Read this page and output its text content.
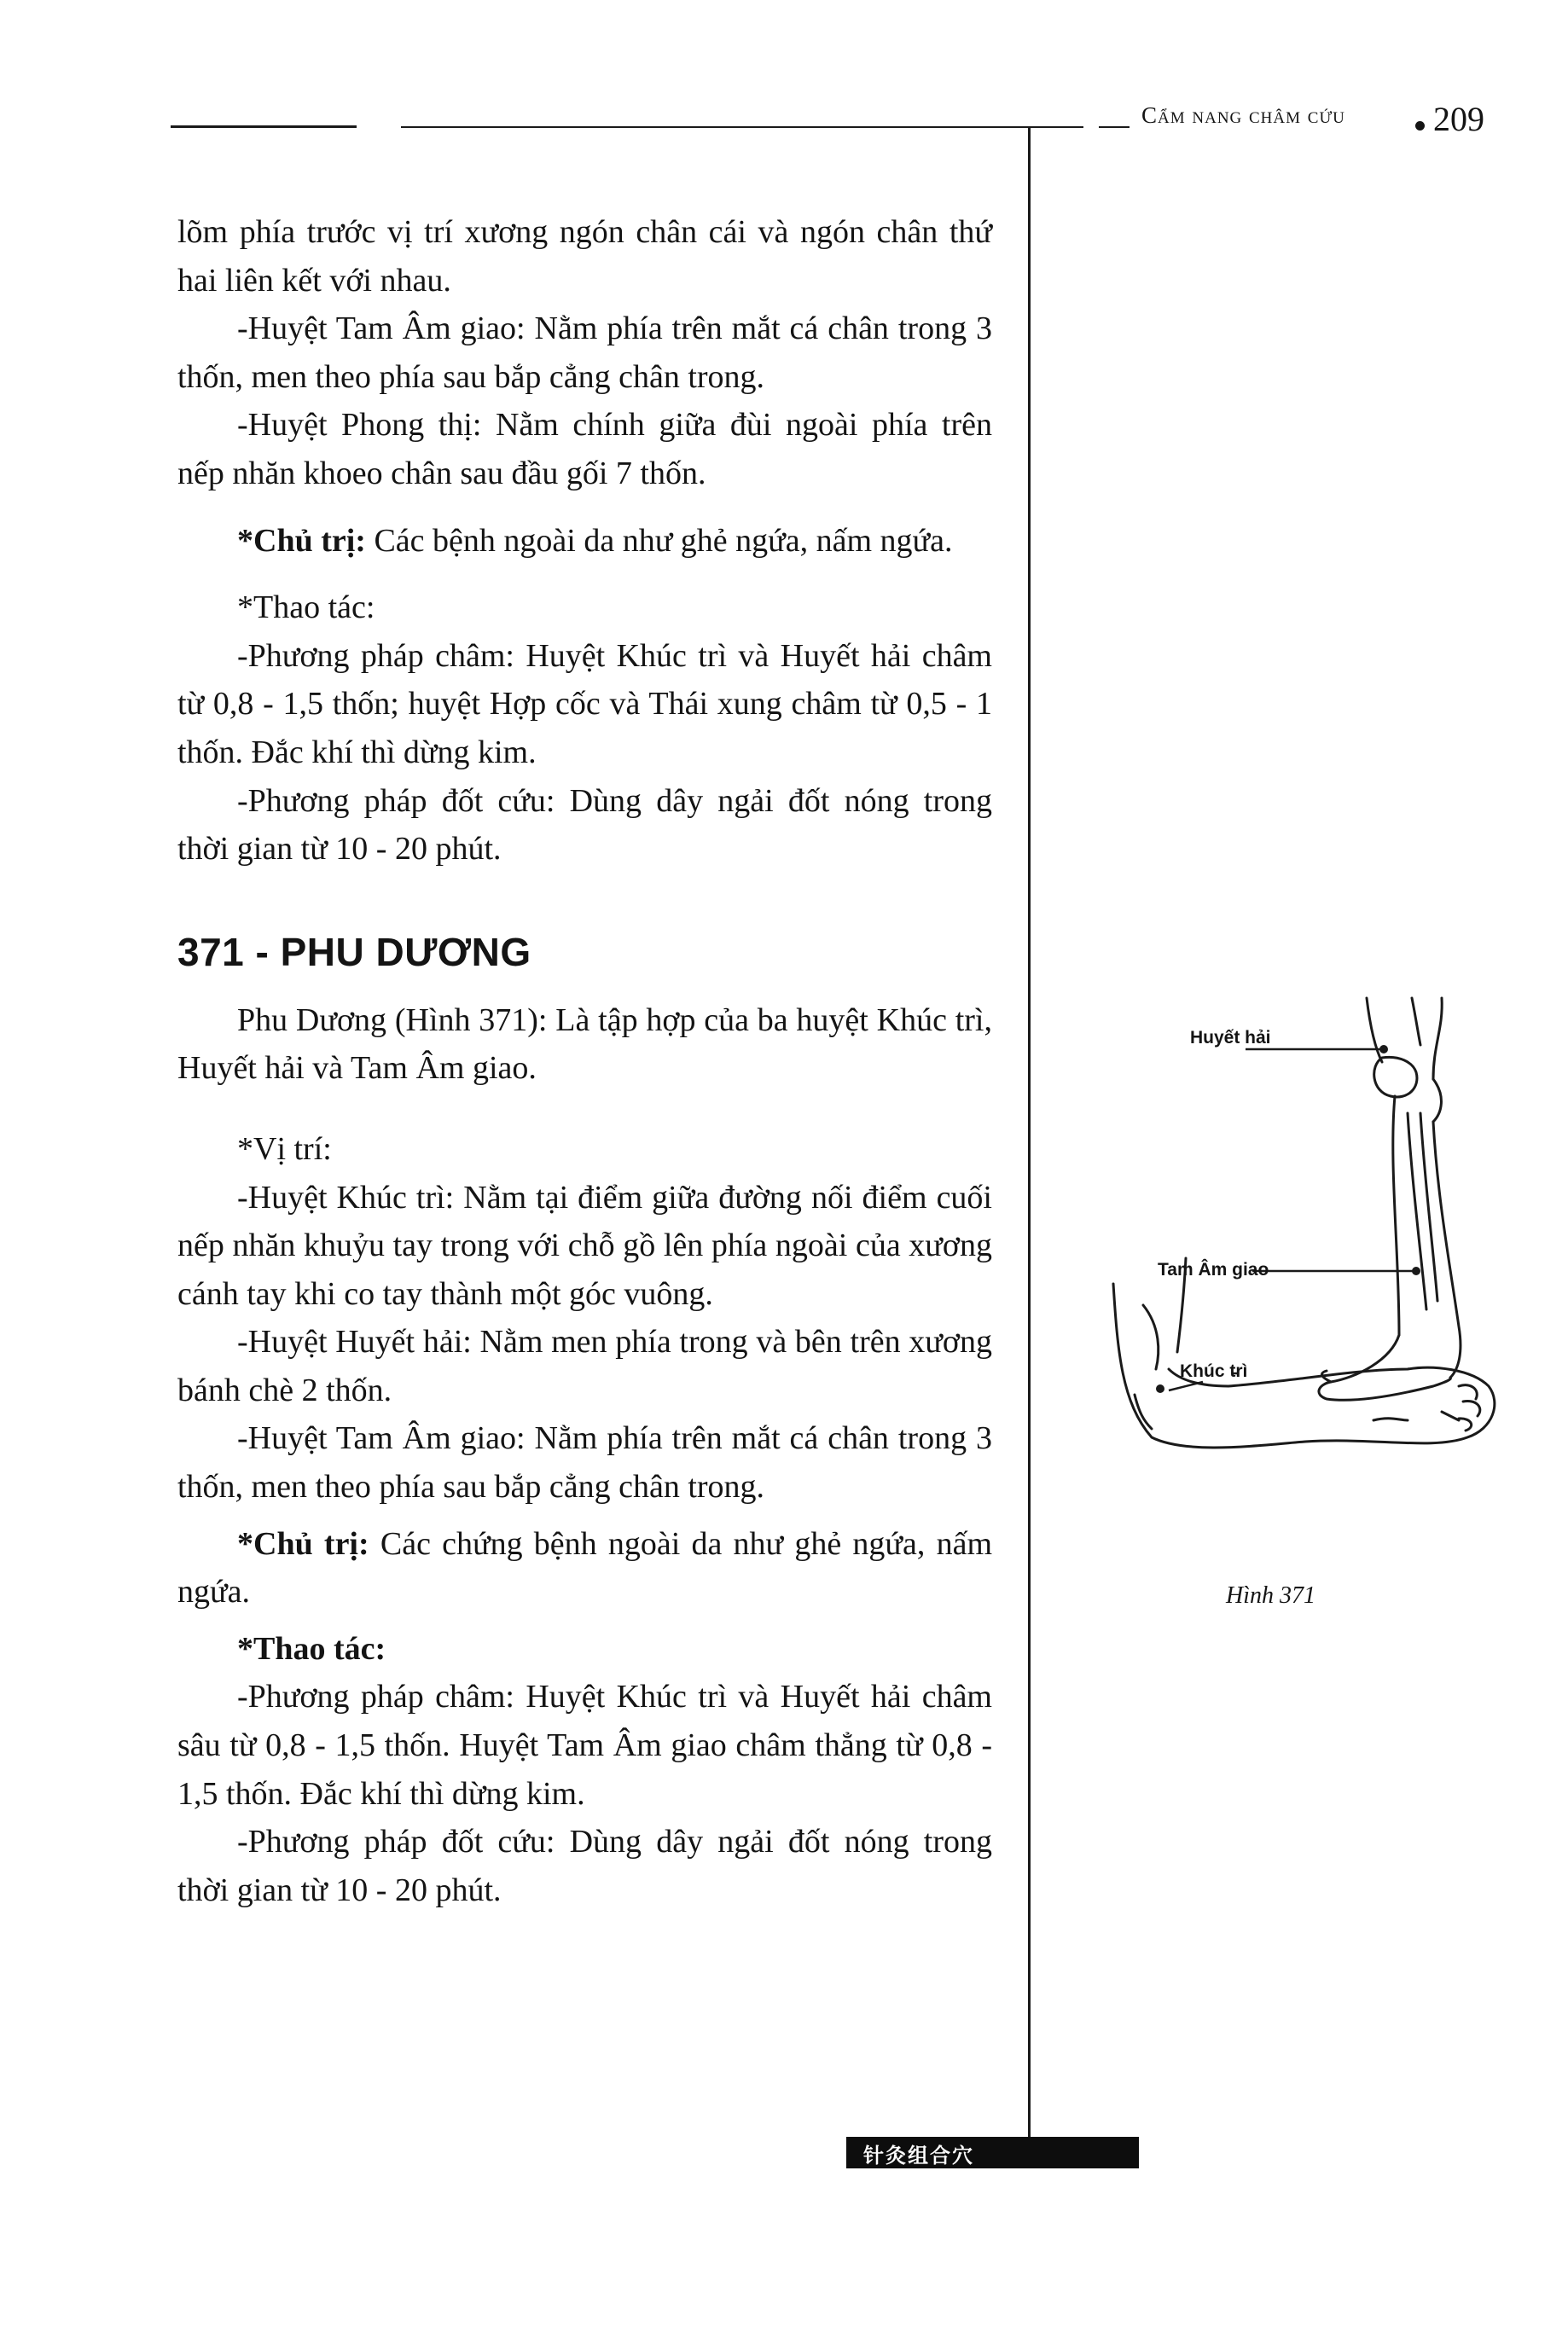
Cẩm nang châm cứu	209

lõm phía trước vị trí xương ngón chân cái và ngón chân thứ hai liên kết với nhau.

-Huyệt Tam Âm giao: Nằm phía trên mắt cá chân trong 3 thốn, men theo phía sau bắp cẳng chân trong.

-Huyệt Phong thị: Nằm chính giữa đùi ngoài phía trên nếp nhăn khoeo chân sau đầu gối 7 thốn.

*Chủ trị: Các bệnh ngoài da như ghẻ ngứa, nấm ngứa.

*Thao tác:

-Phương pháp châm: Huyệt Khúc trì và Huyết hải châm từ 0,8 - 1,5 thốn; huyệt Hợp cốc và Thái xung châm từ 0,5 - 1 thốn. Đắc khí thì dừng kim.

-Phương pháp đốt cứu: Dùng dây ngải đốt nóng trong thời gian từ 10 - 20 phút.

371 - PHU DƯƠNG

Phu Dương (Hình 371): Là tập hợp của ba huyệt Khúc trì, Huyết hải và Tam Âm giao.

*Vị trí:

-Huyệt Khúc trì: Nằm tại điểm giữa đường nối điểm cuối nếp nhăn khuỷu tay trong với chỗ gồ lên phía ngoài của xương cánh tay khi co tay thành một góc vuông.

-Huyệt Huyết hải: Nằm men phía trong và bên trên xương bánh chè 2 thốn.

-Huyệt Tam Âm giao: Nằm phía trên mắt cá chân trong 3 thốn, men theo phía sau bắp cẳng chân trong.

*Chủ trị: Các chứng bệnh ngoài da như ghẻ ngứa, nấm ngứa.

*Thao tác:

-Phương pháp châm: Huyệt Khúc trì và Huyết hải châm sâu từ 0,8 - 1,5 thốn. Huyệt Tam Âm giao châm thẳng từ 0,8 - 1,5 thốn. Đắc khí thì dừng kim.

-Phương pháp đốt cứu: Dùng dây ngải đốt nóng trong thời gian từ 10 - 20 phút.

Huyết hải
Tam Âm giao
Khúc trì
Hình 371
针灸组合穴
